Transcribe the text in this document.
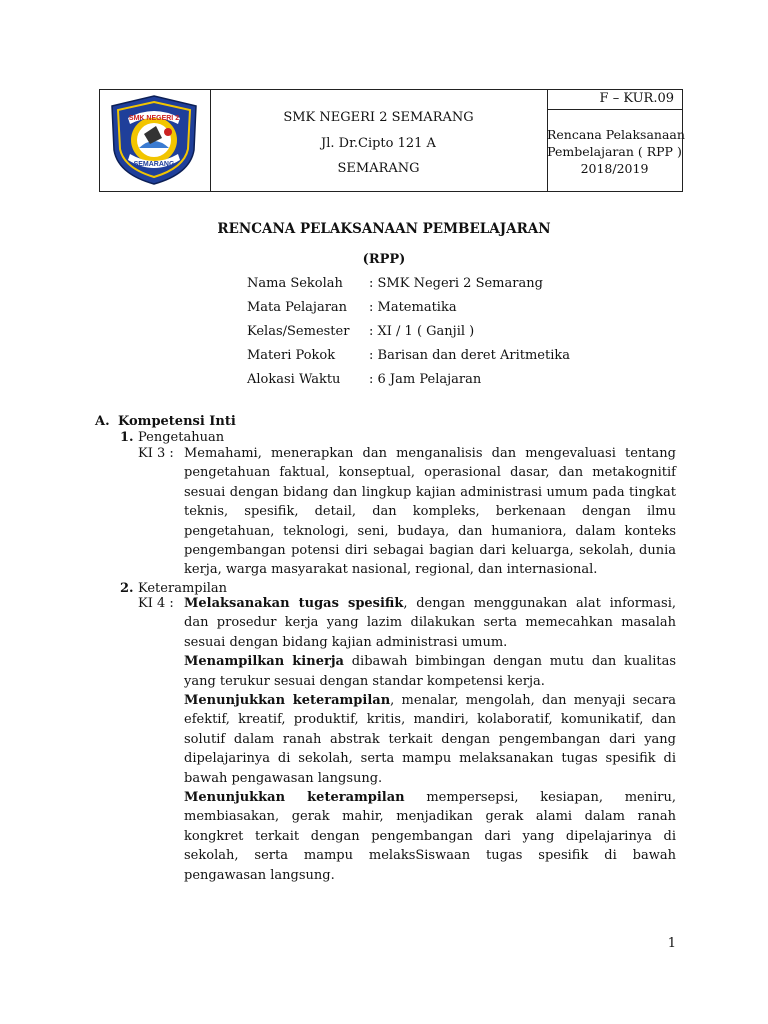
SMK NEGERI 2
SEMARANG
SMK NEGERI 2 SEMARANG
Jl. Dr.Cipto 121 A
SEMARANG
F – KUR.09
Rencana Pelaksanaan
Pembelajaran ( RPP )
2018/2019
RENCANA PELAKSANAAN PEMBELAJARAN
(RPP)
Nama Sekolah : SMK Negeri 2 Semarang
Mata Pelajaran : Matematika
Kelas/Semester : XI / 1 ( Ganjil )
Materi Pokok	: Barisan dan deret Aritmetika
Alokasi Waktu : 6 Jam Pelajaran
A. Kompetensi Inti
1. Pengetahuan
KI 3 : Memahami, menerapkan dan menganalisis dan mengevaluasi tentang pengetahuan faktual, konseptual, operasional dasar, dan metakognitif sesuai dengan bidang dan lingkup kajian administrasi umum pada tingkat teknis, spesifik, detail, dan kompleks, berkenaan dengan ilmu pengetahuan, teknologi, seni, budaya, dan humaniora, dalam konteks pengembangan potensi diri sebagai bagian dari keluarga, sekolah, dunia kerja, warga masyarakat nasional, regional, dan internasional.

2. Keterampilan
KI 4 : Melaksanakan tugas spesifik, dengan menggunakan alat informasi, dan prosedur kerja yang lazim dilakukan serta memecahkan masalah sesuai dengan bidang kajian administrasi umum.

Menampilkan kinerja dibawah bimbingan dengan mutu dan kualitas yang terukur sesuai dengan standar kompetensi kerja.

Menunjukkan keterampilan, menalar, mengolah, dan menyaji secara efektif, kreatif, produktif, kritis, mandiri, kolaboratif, komunikatif, dan solutif dalam ranah abstrak terkait dengan pengembangan dari yang dipelajarinya di sekolah, serta mampu melaksanakan tugas spesifik di bawah pengawasan langsung.

Menunjukkan keterampilan mempersepsi, kesiapan, meniru, membiasakan, gerak mahir, menjadikan gerak alami dalam ranah kongkret terkait dengan pengembangan dari yang dipelajarinya di sekolah, serta mampu melaksSiswaan tugas spesifik di bawah pengawasan langsung.

1
